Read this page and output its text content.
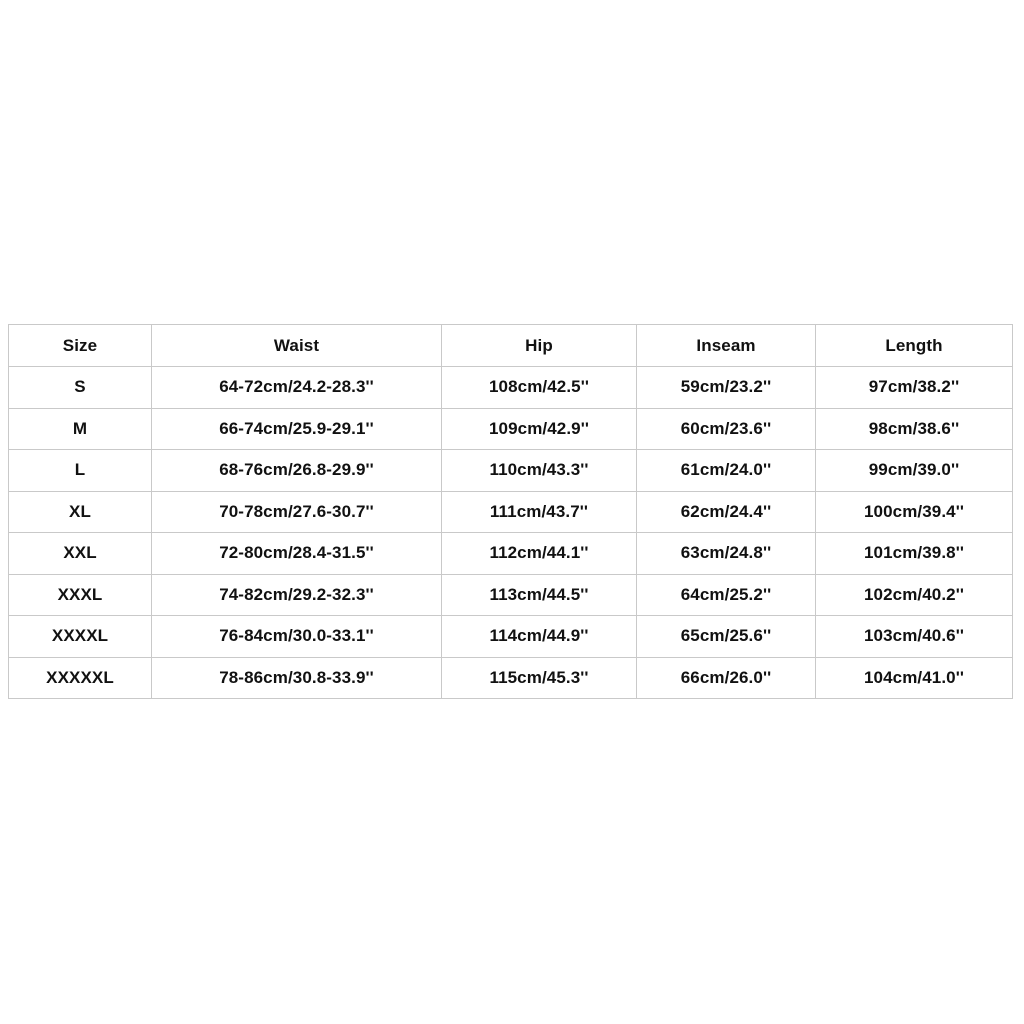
Size	Waist	Hip	Inseam	Length
S	64-72cm/24.2-28.3''	108cm/42.5''	59cm/23.2''	97cm/38.2''
M	66-74cm/25.9-29.1''	109cm/42.9''	60cm/23.6''	98cm/38.6''
L	68-76cm/26.8-29.9''	110cm/43.3''	61cm/24.0''	99cm/39.0''
XL	70-78cm/27.6-30.7''	111cm/43.7''	62cm/24.4''	100cm/39.4''
XXL	72-80cm/28.4-31.5''	112cm/44.1''	63cm/24.8''	101cm/39.8''
XXXL	74-82cm/29.2-32.3''	113cm/44.5''	64cm/25.2''	102cm/40.2''
XXXXL	76-84cm/30.0-33.1''	114cm/44.9''	65cm/25.6''	103cm/40.6''
XXXXXL	78-86cm/30.8-33.9''	115cm/45.3''	66cm/26.0''	104cm/41.0''
